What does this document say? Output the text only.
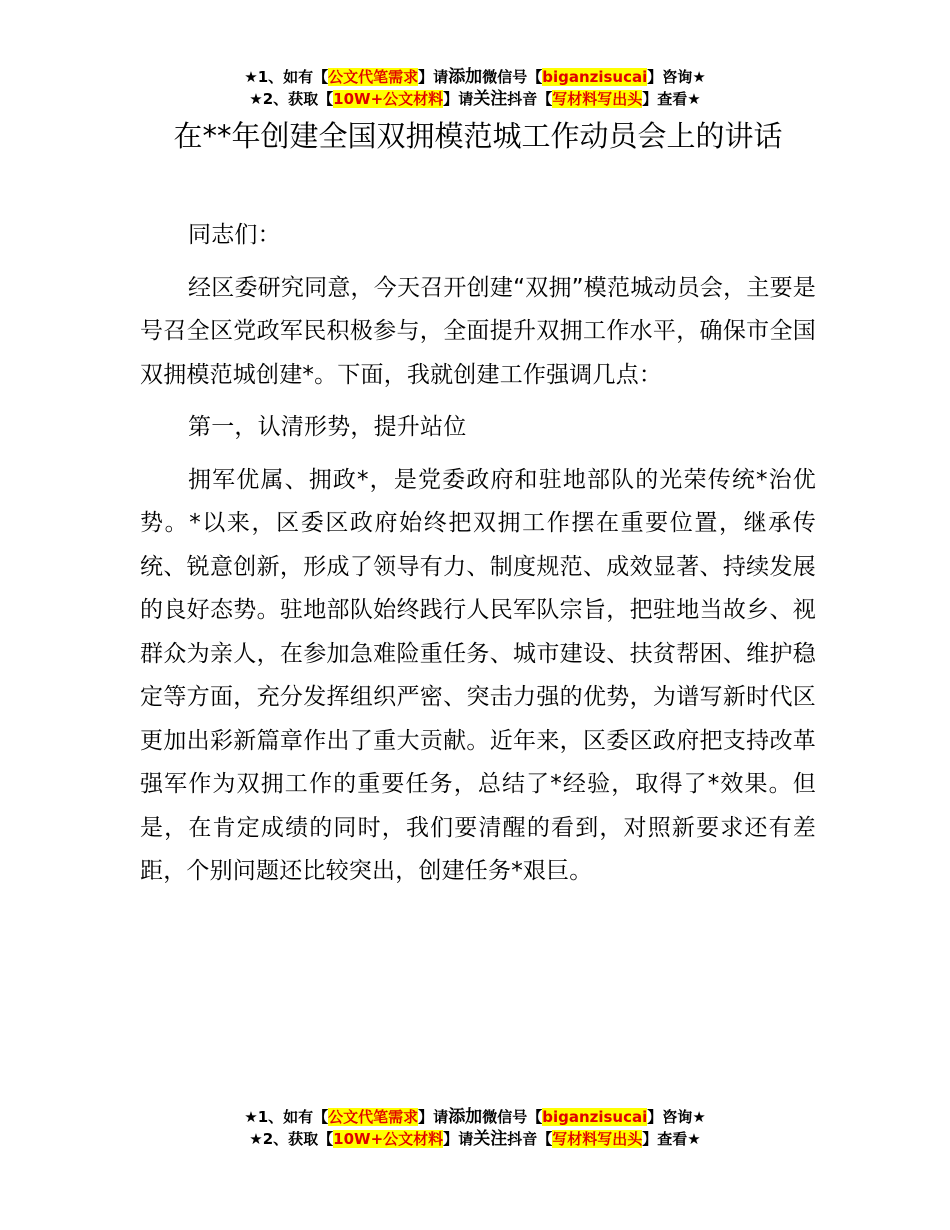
★1、如有【公文代笔需求】请添加微信号【biganzisucai】咨询★
★2、获取【10W+公文材料】请关注抖音【写材料写出头】查看★
在**年创建全国双拥模范城工作动员会上的讲话

同志们：

经区委研究同意，今天召开创建“双拥”模范城动员会，主要是号召全区党政军民积极参与，全面提升双拥工作水平，确保市全国双拥模范城创建*。下面，我就创建工作强调几点：

第一，认清形势，提升站位

拥军优属、拥政*，是党委政府和驻地部队的光荣传统*治优势。*以来，区委区政府始终把双拥工作摆在重要位置，继承传统、锐意创新，形成了领导有力、制度规范、成效显著、持续发展的良好态势。驻地部队始终践行人民军队宗旨，把驻地当故乡、视群众为亲人，在参加急难险重任务、城市建设、扶贫帮困、维护稳定等方面，充分发挥组织严密、突击力强的优势，为谱写新时代区更加出彩新篇章作出了重大贡献。近年来，区委区政府把支持改革强军作为双拥工作的重要任务，总结了*经验，取得了*效果。但是，在肯定成绩的同时，我们要清醒的看到，对照新要求还有差距，个别问题还比较突出，创建任务*艰巨。

★1、如有【公文代笔需求】请添加微信号【biganzisucai】咨询★
★2、获取【10W+公文材料】请关注抖音【写材料写出头】查看★
